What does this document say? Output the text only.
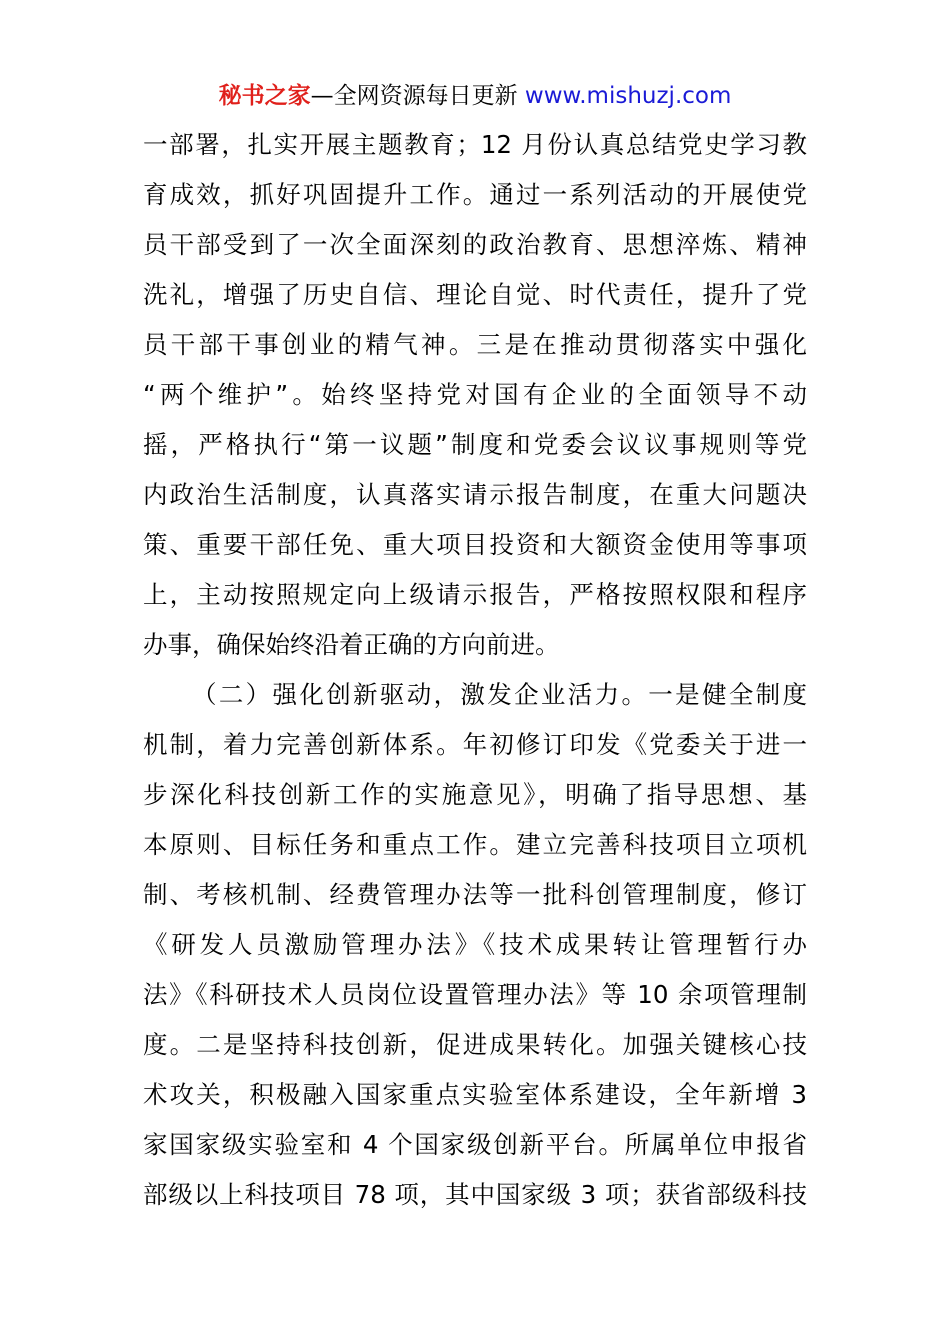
秘书之家—全网资源每日更新 www.mishuzj.com
一部署，扎实开展主题教育；12 月份认真总结党史学习教
育成效，抓好巩固提升工作。通过一系列活动的开展使党
员干部受到了一次全面深刻的政治教育、思想淬炼、精神
洗礼，增强了历史自信、理论自觉、时代责任，提升了党
员干部干事创业的精气神。三是在推动贯彻落实中强化
“两个维护”。始终坚持党对国有企业的全面领导不动
摇，严格执行“第一议题”制度和党委会议议事规则等党
内政治生活制度，认真落实请示报告制度，在重大问题决
策、重要干部任免、重大项目投资和大额资金使用等事项
上，主动按照规定向上级请示报告，严格按照权限和程序
办事，确保始终沿着正确的方向前进。
（二）强化创新驱动，激发企业活力。一是健全制度
机制，着力完善创新体系。年初修订印发《党委关于进一
步深化科技创新工作的实施意见》，明确了指导思想、基
本原则、目标任务和重点工作。建立完善科技项目立项机
制、考核机制、经费管理办法等一批科创管理制度，修订
《研发人员激励管理办法》《技术成果转让管理暂行办
法》《科研技术人员岗位设置管理办法》等 10 余项管理制
度。二是坚持科技创新，促进成果转化。加强关键核心技
术攻关，积极融入国家重点实验室体系建设，全年新增 3
家国家级实验室和 4 个国家级创新平台。所属单位申报省
部级以上科技项目 78 项，其中国家级 3 项；获省部级科技
